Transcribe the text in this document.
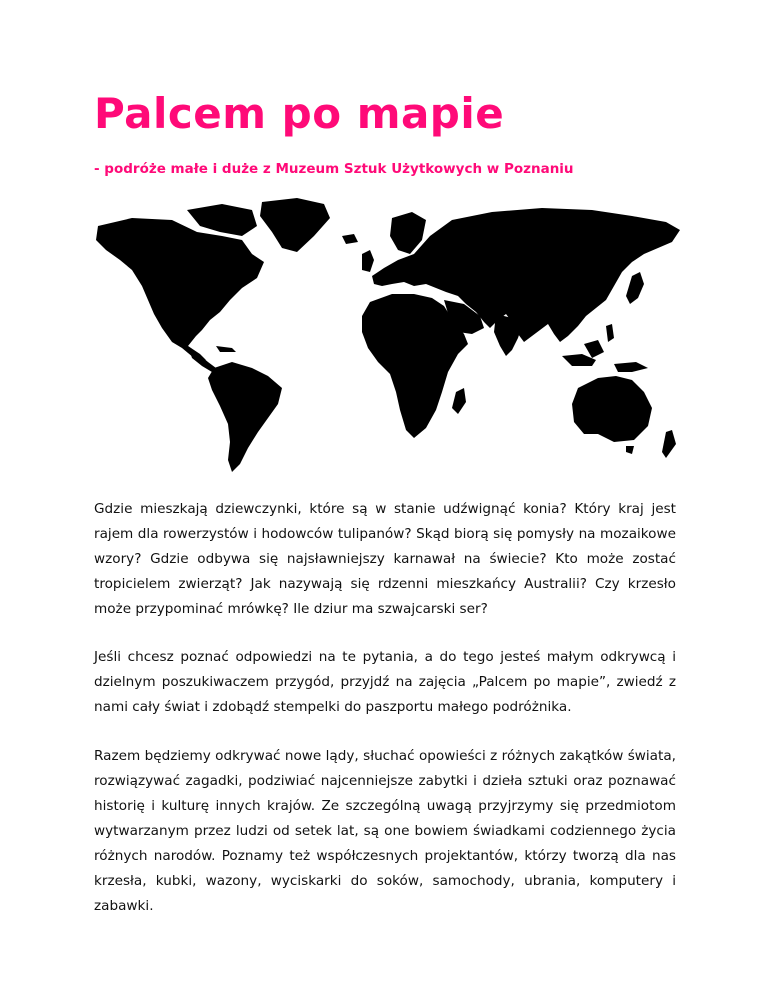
Palcem po mapie

- podróże małe i duże z Muzeum Sztuk Użytkowych w Poznaniu

Gdzie mieszkają dziewczynki, które są w stanie udźwignąć konia? Który kraj jest rajem dla rowerzystów i hodowców tulipanów? Skąd biorą się pomysły na mozaikowe wzory? Gdzie odbywa się najsławniejszy karnawał na świecie? Kto może zostać tropicielem zwierząt? Jak nazywają się rdzenni mieszkańcy Australii? Czy krzesło może przypominać mrówkę? Ile dziur ma szwajcarski ser?

Jeśli chcesz poznać odpowiedzi na te pytania, a do tego jesteś małym odkrywcą i dzielnym poszukiwaczem przygód, przyjdź na zajęcia „Palcem po mapie”, zwiedź z nami cały świat i zdobądź stempelki do paszportu małego podróżnika.

Razem będziemy odkrywać nowe lądy, słuchać opowieści z różnych zakątków świata, rozwiązywać zagadki, podziwiać najcenniejsze zabytki i dzieła sztuki oraz poznawać historię i kulturę innych krajów. Ze szczególną uwagą przyjrzymy się przedmiotom wytwarzanym przez ludzi od setek lat, są one bowiem świadkami codziennego życia różnych narodów. Poznamy też współczesnych projektantów, którzy tworzą dla nas krzesła, kubki, wazony, wyciskarki do soków, samochody, ubrania, komputery i zabawki.
